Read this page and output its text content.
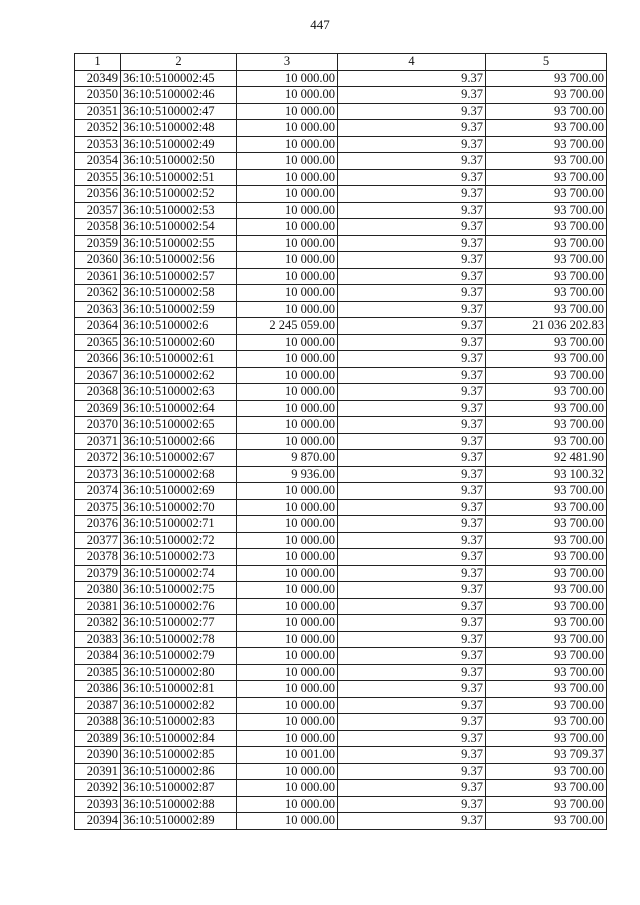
447
1	2	3	4	5
20349	36:10:5100002:45	10 000.00	9.37	93 700.00
20350	36:10:5100002:46	10 000.00	9.37	93 700.00
20351	36:10:5100002:47	10 000.00	9.37	93 700.00
20352	36:10:5100002:48	10 000.00	9.37	93 700.00
20353	36:10:5100002:49	10 000.00	9.37	93 700.00
20354	36:10:5100002:50	10 000.00	9.37	93 700.00
20355	36:10:5100002:51	10 000.00	9.37	93 700.00
20356	36:10:5100002:52	10 000.00	9.37	93 700.00
20357	36:10:5100002:53	10 000.00	9.37	93 700.00
20358	36:10:5100002:54	10 000.00	9.37	93 700.00
20359	36:10:5100002:55	10 000.00	9.37	93 700.00
20360	36:10:5100002:56	10 000.00	9.37	93 700.00
20361	36:10:5100002:57	10 000.00	9.37	93 700.00
20362	36:10:5100002:58	10 000.00	9.37	93 700.00
20363	36:10:5100002:59	10 000.00	9.37	93 700.00
20364	36:10:5100002:6	2 245 059.00	9.37	21 036 202.83
20365	36:10:5100002:60	10 000.00	9.37	93 700.00
20366	36:10:5100002:61	10 000.00	9.37	93 700.00
20367	36:10:5100002:62	10 000.00	9.37	93 700.00
20368	36:10:5100002:63	10 000.00	9.37	93 700.00
20369	36:10:5100002:64	10 000.00	9.37	93 700.00
20370	36:10:5100002:65	10 000.00	9.37	93 700.00
20371	36:10:5100002:66	10 000.00	9.37	93 700.00
20372	36:10:5100002:67	9 870.00	9.37	92 481.90
20373	36:10:5100002:68	9 936.00	9.37	93 100.32
20374	36:10:5100002:69	10 000.00	9.37	93 700.00
20375	36:10:5100002:70	10 000.00	9.37	93 700.00
20376	36:10:5100002:71	10 000.00	9.37	93 700.00
20377	36:10:5100002:72	10 000.00	9.37	93 700.00
20378	36:10:5100002:73	10 000.00	9.37	93 700.00
20379	36:10:5100002:74	10 000.00	9.37	93 700.00
20380	36:10:5100002:75	10 000.00	9.37	93 700.00
20381	36:10:5100002:76	10 000.00	9.37	93 700.00
20382	36:10:5100002:77	10 000.00	9.37	93 700.00
20383	36:10:5100002:78	10 000.00	9.37	93 700.00
20384	36:10:5100002:79	10 000.00	9.37	93 700.00
20385	36:10:5100002:80	10 000.00	9.37	93 700.00
20386	36:10:5100002:81	10 000.00	9.37	93 700.00
20387	36:10:5100002:82	10 000.00	9.37	93 700.00
20388	36:10:5100002:83	10 000.00	9.37	93 700.00
20389	36:10:5100002:84	10 000.00	9.37	93 700.00
20390	36:10:5100002:85	10 001.00	9.37	93 709.37
20391	36:10:5100002:86	10 000.00	9.37	93 700.00
20392	36:10:5100002:87	10 000.00	9.37	93 700.00
20393	36:10:5100002:88	10 000.00	9.37	93 700.00
20394	36:10:5100002:89	10 000.00	9.37	93 700.00
